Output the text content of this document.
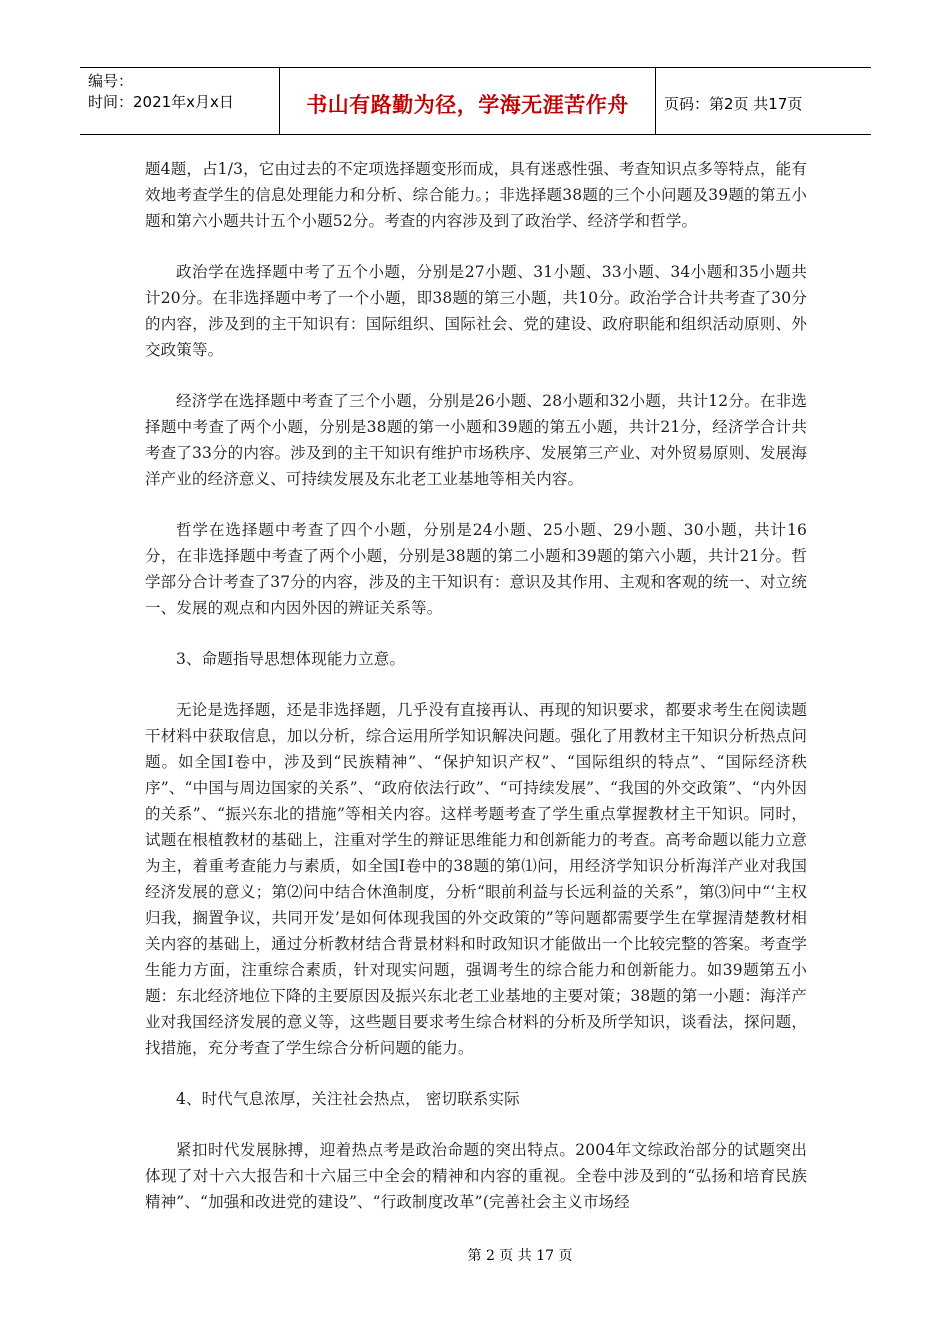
编号：
时间：2021年x月x日	书山有路勤为径，学海无涯苦作舟	页码：第2页 共17页

题4题，占1/3，它由过去的不定项选择题变形而成，具有迷惑性强、考查知识点多等特点，能有效地考查学生的信息处理能力和分析、综合能力。；非选择题38题的三个小问题及39题的第五小题和第六小题共计五个小题52分。考查的内容涉及到了政治学、经济学和哲学。

政治学在选择题中考了五个小题，分别是27小题、31小题、33小题、34小题和35小题共计20分。在非选择题中考了一个小题，即38题的第三小题，共10分。政治学合计共考查了30分的内容，涉及到的主干知识有：国际组织、国际社会、党的建设、政府职能和组织活动原则、外交政策等。

经济学在选择题中考查了三个小题，分别是26小题、28小题和32小题，共计12分。在非选择题中考查了两个小题，分别是38题的第一小题和39题的第五小题，共计21分，经济学合计共考查了33分的内容。涉及到的主干知识有维护市场秩序、发展第三产业、对外贸易原则、发展海洋产业的经济意义、可持续发展及东北老工业基地等相关内容。

哲学在选择题中考查了四个小题，分别是24小题、25小题、29小题、30小题，共计16分，在非选择题中考查了两个小题，分别是38题的第二小题和39题的第六小题，共计21分。哲学部分合计考查了37分的内容，涉及的主干知识有：意识及其作用、主观和客观的统一、对立统一、发展的观点和内因外因的辨证关系等。

3、命题指导思想体现能力立意。

无论是选择题，还是非选择题，几乎没有直接再认、再现的知识要求，都要求考生在阅读题干材料中获取信息，加以分析，综合运用所学知识解决问题。强化了用教材主干知识分析热点问题。如全国Ⅰ卷中，涉及到“民族精神”、“保护知识产权”、“国际组织的特点”、“国际经济秩序”、“中国与周边国家的关系”、“政府依法行政”、“可持续发展”、“我国的外交政策”、“内外因的关系”、“振兴东北的措施”等相关内容。这样考题考查了学生重点掌握教材主干知识。同时，试题在根植教材的基础上，注重对学生的辩证思维能力和创新能力的考查。高考命题以能力立意为主，着重考查能力与素质，如全国Ⅰ卷中的38题的第⑴问，用经济学知识分析海洋产业对我国经济发展的意义；第⑵问中结合休渔制度，分析“眼前利益与长远利益的关系”，第⑶问中“‘主权归我，搁置争议，共同开发’是如何体现我国的外交政策的”等问题都需要学生在掌握清楚教材相关内容的基础上，通过分析教材结合背景材料和时政知识才能做出一个比较完整的答案。考查学生能力方面，注重综合素质，针对现实问题，强调考生的综合能力和创新能力。如39题第五小题：东北经济地位下降的主要原因及振兴东北老工业基地的主要对策；38题的第一小题：海洋产业对我国经济发展的意义等，这些题目要求考生综合材料的分析及所学知识，谈看法，探问题，找措施，充分考查了学生综合分析问题的能力。

4、时代气息浓厚，关注社会热点， 密切联系实际

紧扣时代发展脉搏，迎着热点考是政治命题的突出特点。2004年文综政治部分的试题突出体现了对十六大报告和十六届三中全会的精神和内容的重视。全卷中涉及到的“弘扬和培育民族精神”、“加强和改进党的建设”、“行政制度改革”(完善社会主义市场经

第 2 页 共 17 页
